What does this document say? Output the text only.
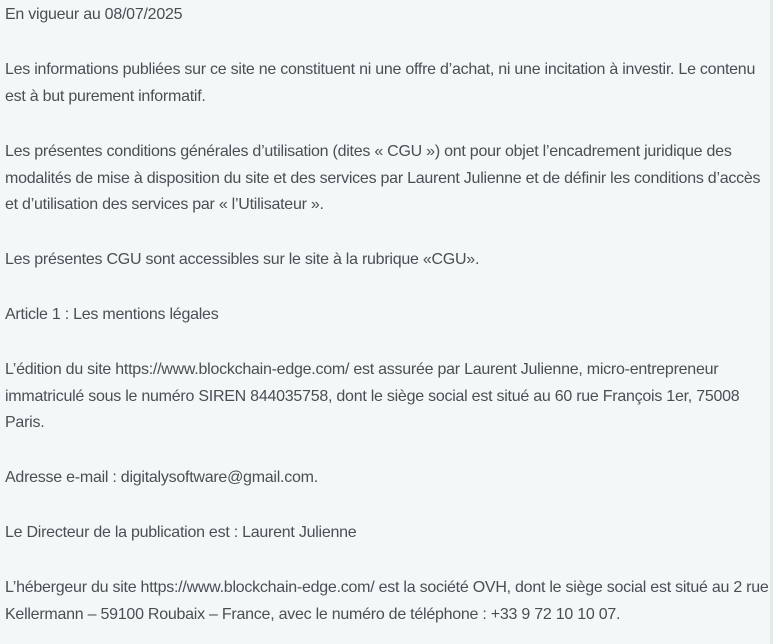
En vigueur au 08/07/2025

Les informations publiées sur ce site ne constituent ni une offre d’achat, ni une incitation à investir. Le contenu est à but purement informatif.

Les présentes conditions générales d’utilisation (dites « CGU ») ont pour objet l’encadrement juridique des modalités de mise à disposition du site et des services par Laurent Julienne et de définir les conditions d’accès et d’utilisation des services par « l’Utilisateur ».

Les présentes CGU sont accessibles sur le site à la rubrique «CGU».

Article 1 : Les mentions légales

L’édition du site https://www.blockchain-edge.com/ est assurée par Laurent Julienne, micro-entrepreneur immatriculé sous le numéro SIREN 844035758, dont le siège social est situé au 60 rue François 1er, 75008 Paris.

Adresse e-mail : digitalysoftware@gmail.com.

Le Directeur de la publication est : Laurent Julienne

L’hébergeur du site https://www.blockchain-edge.com/ est la société OVH, dont le siège social est situé au 2 rue Kellermann – 59100 Roubaix – France, avec le numéro de téléphone : +33 9 72 10 10 07.
